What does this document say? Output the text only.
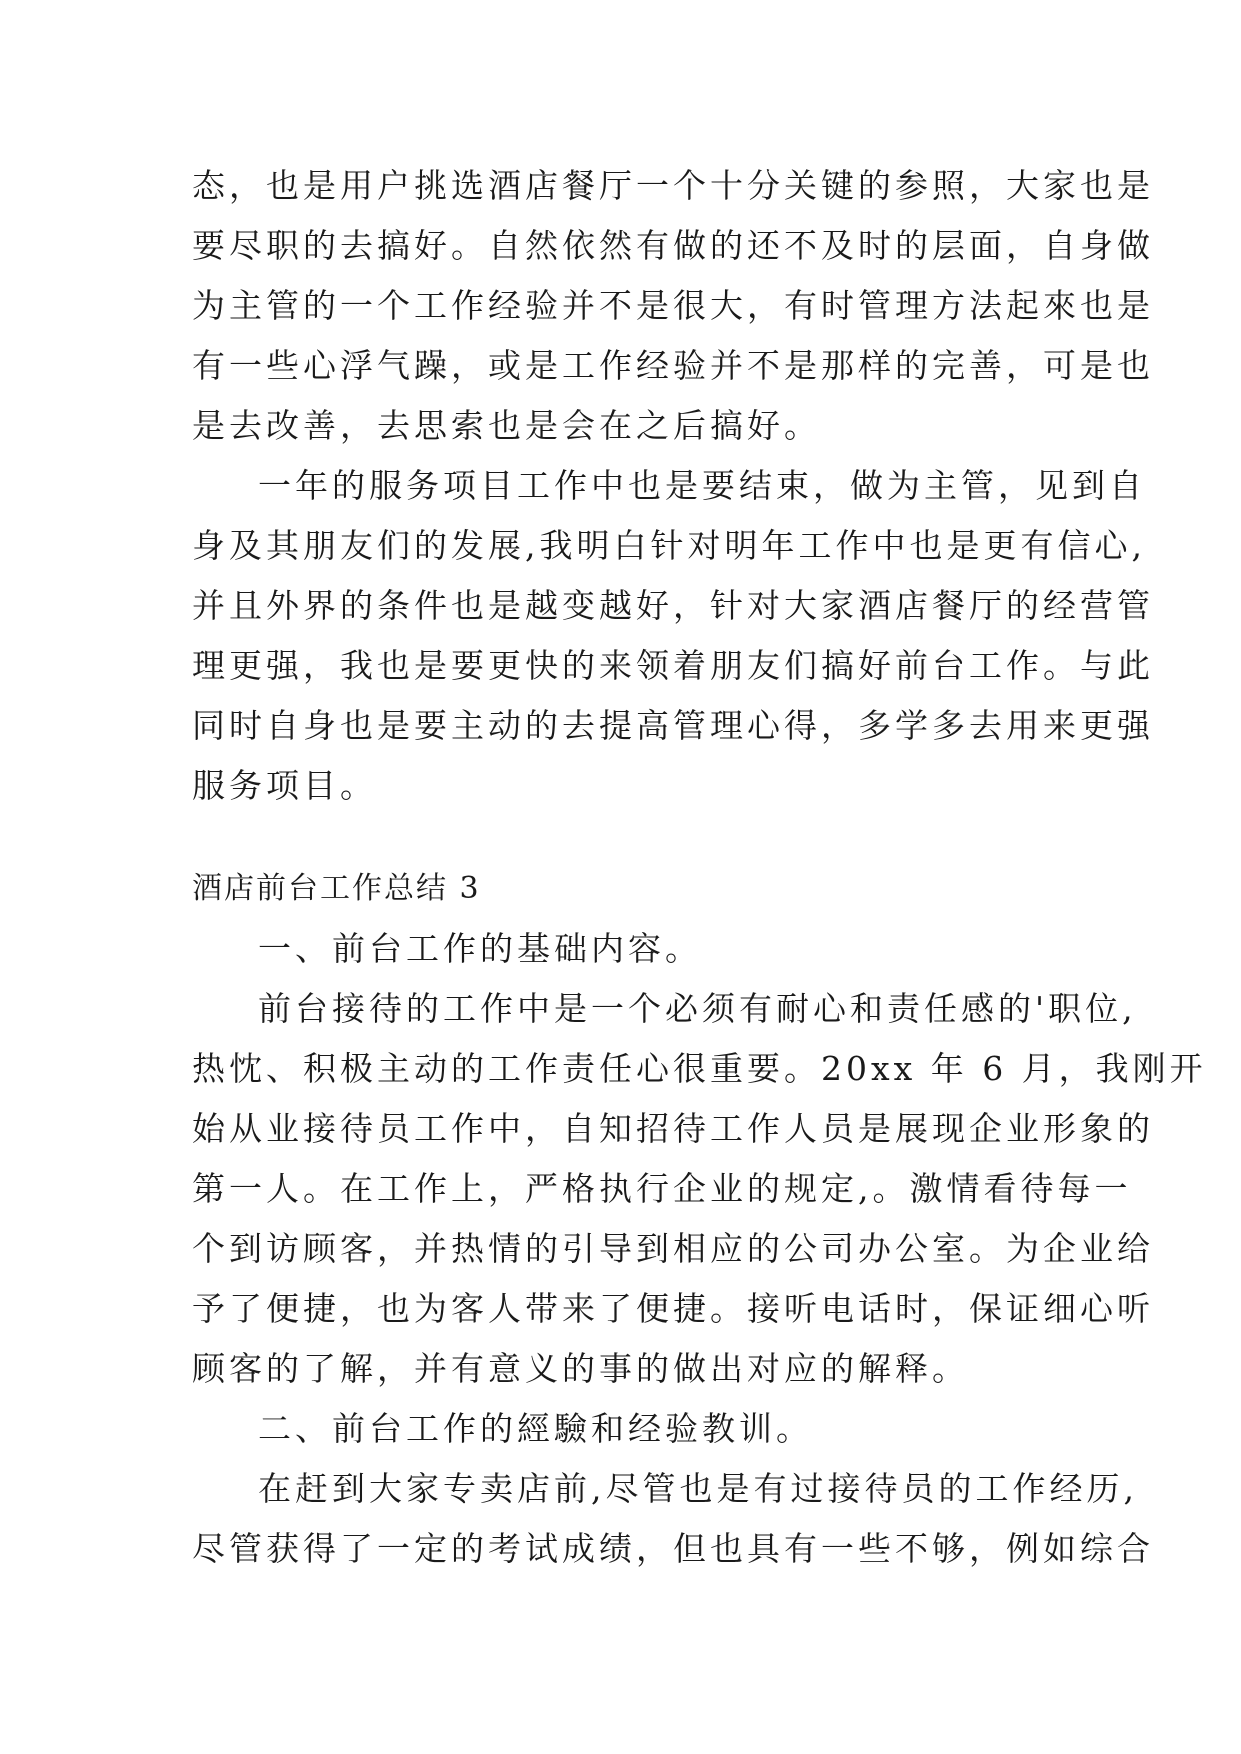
态，也是用户挑选酒店餐厅一个十分关键的参照，大家也是
要尽职的去搞好。自然依然有做的还不及时的层面，自身做
为主管的一个工作经验并不是很大，有时管理方法起來也是
有一些心浮气躁，或是工作经验并不是那样的完善，可是也
是去改善，去思索也是会在之后搞好。
一年的服务项目工作中也是要结束，做为主管，见到自
身及其朋友们的发展,我明白针对明年工作中也是更有信心,
并且外界的条件也是越变越好，针对大家酒店餐厅的经营管
理更强，我也是要更快的来领着朋友们搞好前台工作。与此
同时自身也是要主动的去提高管理心得，多学多去用来更强
服务项目。
酒店前台工作总结 3
一、前台工作的基础内容。
前台接待的工作中是一个必须有耐心和责任感的'职位,
热忱、积极主动的工作责任心很重要。20xx 年 6 月，我刚开
始从业接待员工作中，自知招待工作人员是展现企业形象的
第一人。在工作上，严格执行企业的规定,。激情看待每一
个到访顾客，并热情的引导到相应的公司办公室。为企业给
予了便捷，也为客人带来了便捷。接听电话时，保证细心听
顾客的了解，并有意义的事的做出对应的解释。
二、前台工作的經驗和经验教训。
在赶到大家专卖店前,尽管也是有过接待员的工作经历,
尽管获得了一定的考试成绩，但也具有一些不够，例如综合
